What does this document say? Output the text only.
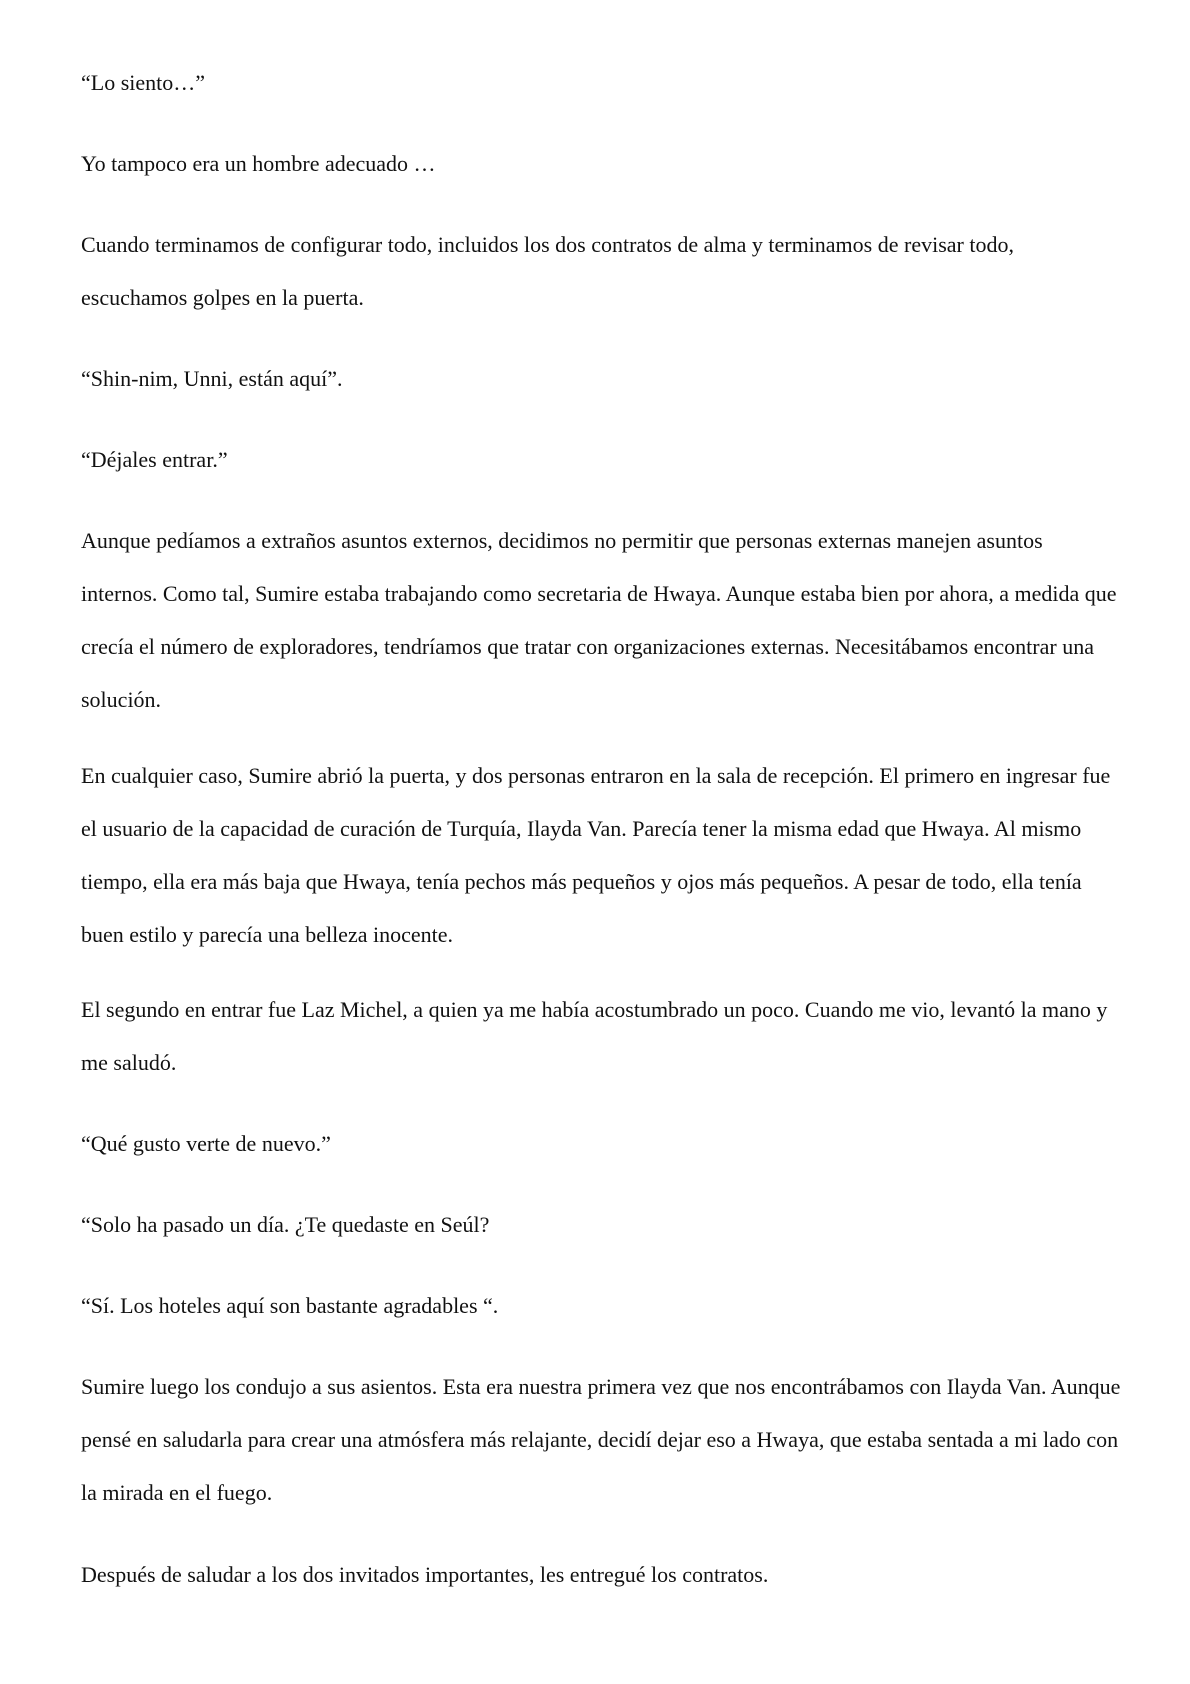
“Lo siento…”

Yo tampoco era un hombre adecuado …

Cuando terminamos de configurar todo, incluidos los dos contratos de alma y terminamos de revisar todo, escuchamos golpes en la puerta.

“Shin-nim, Unni, están aquí”.

“Déjales entrar.”

Aunque pedíamos a extraños asuntos externos, decidimos no permitir que personas externas manejen asuntos internos. Como tal, Sumire estaba trabajando como secretaria de Hwaya. Aunque estaba bien por ahora, a medida que crecía el número de exploradores, tendríamos que tratar con organizaciones externas. Necesitábamos encontrar una solución.

En cualquier caso, Sumire abrió la puerta, y dos personas entraron en la sala de recepción. El primero en ingresar fue el usuario de la capacidad de curación de Turquía, Ilayda Van. Parecía tener la misma edad que Hwaya. Al mismo tiempo, ella era más baja que Hwaya, tenía pechos más pequeños y ojos más pequeños. A pesar de todo, ella tenía buen estilo y parecía una belleza inocente.

El segundo en entrar fue Laz Michel, a quien ya me había acostumbrado un poco. Cuando me vio, levantó la mano y me saludó.

“Qué gusto verte de nuevo.”

“Solo ha pasado un día. ¿Te quedaste en Seúl?

“Sí. Los hoteles aquí son bastante agradables “.

Sumire luego los condujo a sus asientos. Esta era nuestra primera vez que nos encontrábamos con Ilayda Van. Aunque pensé en saludarla para crear una atmósfera más relajante, decidí dejar eso a Hwaya, que estaba sentada a mi lado con la mirada en el fuego.

Después de saludar a los dos invitados importantes, les entregué los contratos.
